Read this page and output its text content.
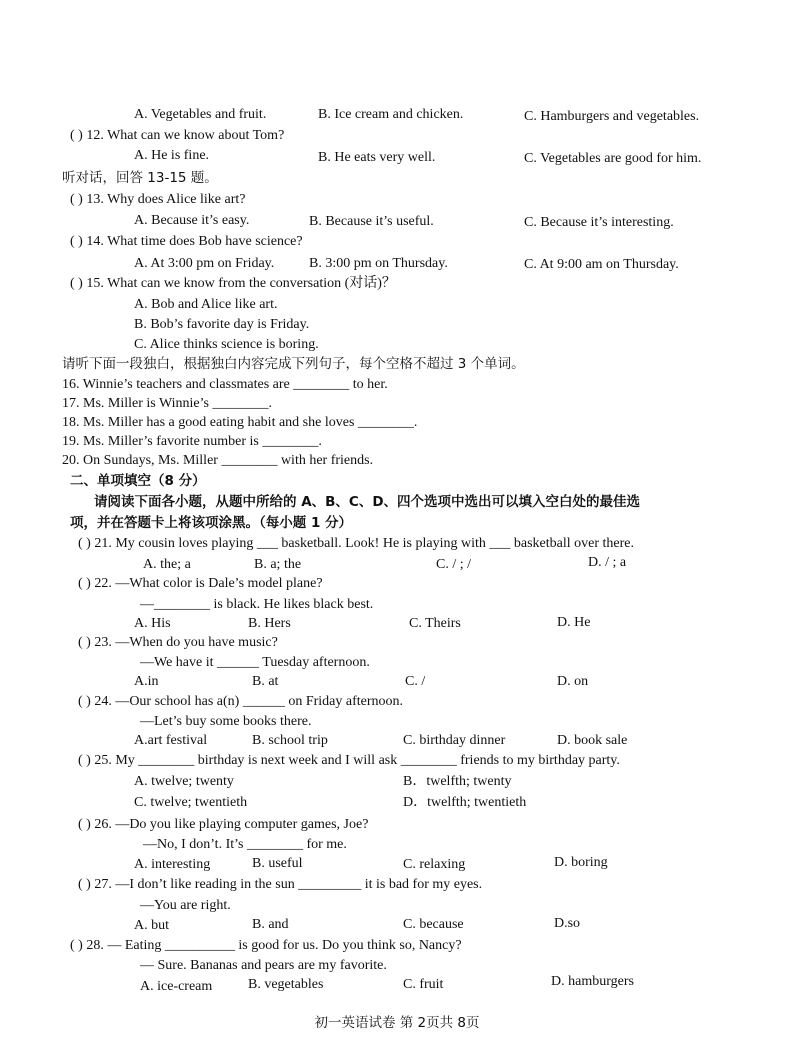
A. Vegetables and fruit.	B. Ice cream and chicken.	C. Hamburgers and vegetables.
( ) 12. What can we know about Tom?
A. He is fine.	B. He eats very well.	C. Vegetables are good for him.
听对话，回答 13-15 题。
( ) 13. Why does Alice like art?
A. Because it’s easy.	B. Because it’s useful.	C. Because it’s interesting.
( ) 14. What time does Bob have science?
A. At 3:00 pm on Friday. B. 3:00 pm on Thursday.	C. At 9:00 am on Thursday.
( ) 15. What can we know from the conversation (对话)？
A. Bob and Alice like art.
B. Bob’s favorite day is Friday.
C. Alice thinks science is boring.
请听下面一段独白，根据独白内容完成下列句子，每个空格不超过 3 个单词。
16. Winnie’s teachers and classmates are ________ to her.
17. Ms. Miller is Winnie’s ________.
18. Ms. Miller has a good eating habit and she loves ________.
19. Ms. Miller’s favorite number is ________.
20. On Sundays, Ms. Miller ________ with her friends.
二、单项填空（8 分）
请阅读下面各小题，从题中所给的 A、B、C、D、四个选项中选出可以填入空白处的最佳选
项，并在答题卡上将该项涂黑。（每小题 1 分）
( ) 21. My cousin loves playing ___ basketball. Look! He is playing with ___ basketball over there.
A. the; a	B. a; the	C. / ; /	D. / ; a
( ) 22. —What color is Dale’s model plane?
—________ is black. He likes black best.
A. His	B. Hers	C. Theirs	D. He
( ) 23. —When do you have music?
—We have it ______ Tuesday afternoon.
A.in	B. at	C. /	D. on
( ) 24. —Our school has a(n) ______ on Friday afternoon.
—Let’s buy some books there.
A.art festival	B. school trip	C. birthday dinner	D. book sale
( ) 25. My ________ birthday is next week and I will ask ________ friends to my birthday party.
A. twelve; twenty	B．twelfth; twenty
C. twelve; twentieth	D．twelfth; twentieth
( ) 26. —Do you like playing computer games, Joe?
—No, I don’t. It’s ________ for me.
A. interesting	B. useful	C. relaxing	D. boring
( ) 27. —I don’t like reading in the sun _________ it is bad for my eyes.
—You are right.
A. but	B. and	C. because	D.so
( ) 28. — Eating __________ is good for us. Do you think so, Nancy?
— Sure. Bananas and pears are my favorite.
A. ice-cream	B. vegetables	C. fruit	D. hamburgers
初一英语试卷 第 2页共 8页
